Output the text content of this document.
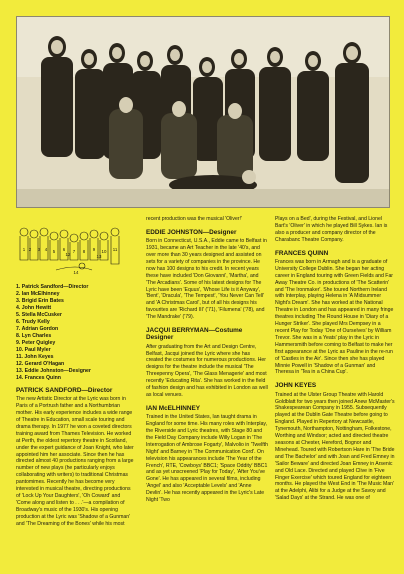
1 2 3 4 5 6 7 8 9 10 11
12	13
14
1. Patrick Sandford—Director
2. Ian McElhinney
3. Brigid Erin Bates
4. John Hewitt
5. Stella McCusker
6. Trudy Kelly
7. Adrian Gordon
8. Lyn Charles
9. Peter Quigley
10. Paul Myler
11. John Keyes
12. Gerard O'Hagan
13. Eddie Johnston—Designer
14. Frances Quinn
PATRICK SANDFORD—Director

The new Artistic Director at the Lyric was born in Paris of a Portrush father and a Northumbrian mother. His early experience includes a wide range of Theatre in Education, small scale touring and drama therapy. In 1977 he won a coveted directors training award from Thames Television. He worked at Perth, the oldest repertory theatre in Scotland, under the expert guidance of Joan Knight, who later appointed him her associate. Since then he has directed almost 40 productions ranging from a large number of new plays (he particularly enjoys collaborating with writers) to traditional Christmas pantomimes. Recently he has become very interested in musical theatre, directing productions of 'Lock Up Your Daughters', 'Oh Coward' and 'Come along and listen to . . .'—a compilation of Broadway's music of the 1930's. His opening production at the Lyric was 'Shadow of a Gunman' and 'The Dreaming of the Bones' while his most

recent production was the musical 'Oliver!'

EDDIE JOHNSTON—Designer

Born in Connecticut, U.S.A., Eddie came to Belfast in 1931, became an Art Teacher in the late '40's, and over more than 30 years designed and assisted on sets for a variety of companies in the province. He now has 100 designs to his credit. In recent years these have included 'Don Giovanni', 'Martha', and 'The Arcadians'. Some of his latest designs for The Lyric have been 'Equus', 'Whose Life is it Anyway', 'Bent', 'Dracula', 'The Tempest', 'You Never Can Tell' and 'A Christmas Carol', but of all his designs his favourites are 'Richard III' ('71), 'Filumena' ('78), and 'The Mandrake' ('79).

JACQUI BERRYMAN—Costume Designer

After graduating from the Art and Design Centre, Belfast, Jacqui joined the Lyric where she has created the costumes for numerous productions. Her designs for the theatre include the musical 'The Threepenny Opera', 'The Glass Menagerie' and most recently 'Educating Rita'. She has worked in the field of fashion design and has exhibited in London as well as local venues.

IAN McELHINNEY

Trained in the United States, Ian taught drama in England for some time. His many roles with Interplay, the Riverside and Lyric theatres, with Stage 80 and the Field Day Company include Willy Logan in 'The Interrogation of Ambrose Fogarty', Malvolio in 'Twelfth Night' and Barney in 'The Communication Cord'. On television his appearances include 'The Year of the French', RTE, 'Cowboys' BBC1; 'Space Oddity' BBC1 and as yet unscreened 'Play for Today', 'After You've Gone'. He has appeared in several films, including 'Angel' and also 'Acceptable Levels' and 'Anne Devlin'. He has recently appeared in the Lyric's Late Night 'Two

Plays on a Bed', during the Festival, and Lionel Bart's 'Oliver' in which he played Bill Sykes. Ian is also a producer and company director of the Charabanc Theatre Company.

FRANCES QUINN

Frances was born in Armagh and is a graduate of University College Dublin. She began her acting career in England touring with Green Fields and Far Away Theatre Co. in productions of 'The Scatterin' and 'The Ironmaker'. She toured Northern Ireland with Interplay, playing Helena in 'A Midsummer Night's Dream'. She has worked at the National Theatre in London and has appeared in many fringe theatres including The Round House in 'Diary of a Hunger Striker'. She played Mrs Dempsey in a recent Play for Today 'One of Ourselves' by William Trevor. She was in a Yeats' play in the Lyric in Hammersmith before coming to Belfast to make her first appearance at the Lyric as Pauline in the re-run of 'Castles in the Air'. Since then she has played Minnie Powell in 'Shadow of a Gunman' and Theresa in 'Tea in a China Cup'.

JOHN KEYES

Trained at the Ulster Group Theatre with Harold Goldblatt for two years then joined Anew McMaster's Shakespearean Company in 1955. Subsequently played at the Dublin Gate Theatre before going to England. Played in Repertory at Newcastle, Tynemouth, Northampton, Nottingham, Folkestone, Worthing and Windsor; acted and directed theatre seasons at Chester, Hereford, Bognor and Minehead. Toured with Robertson Hare in 'The Bride and The Bachelor' and with Joan and Fred Emney in 'Sailor Beware' and directed Joan Emney in Arsenic and Old Lace. Directed and played Clive in 'Five Finger Exercise' which toured England for eighteen months. He played the West End in 'The Music Man' at the Adelphi, Alibi for a Judge at the Savoy and 'Salad Days' at the Strand. He was one of
